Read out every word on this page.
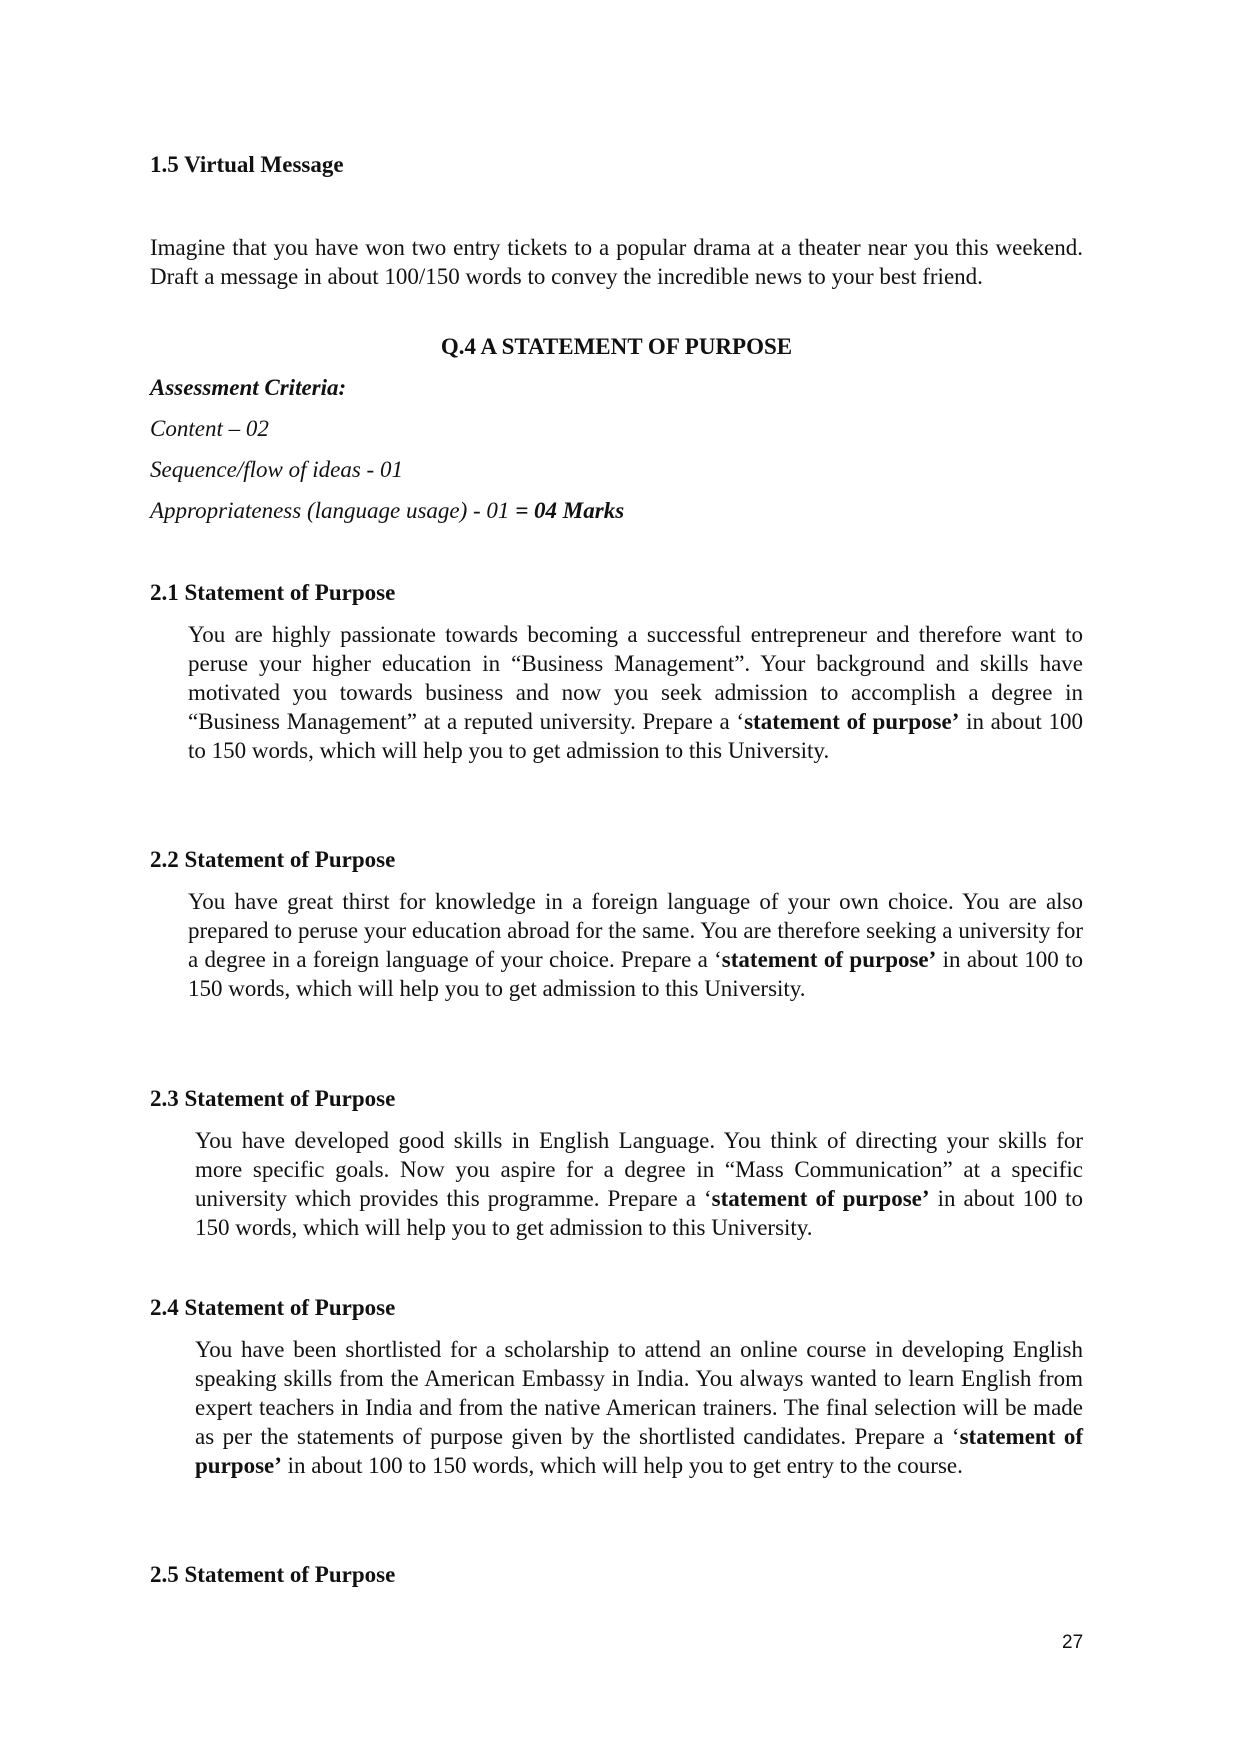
1.5 Virtual Message

Imagine that you have won two entry tickets to a popular drama at a theater near you this weekend. Draft a message in about 100/150 words to convey the incredible news to your best friend.

Q.4 A STATEMENT OF PURPOSE
Assessment Criteria:
Content – 02
Sequence/flow of ideas - 01
Appropriateness (language usage) - 01 = 04 Marks
2.1 Statement of Purpose

You are highly passionate towards becoming a successful entrepreneur and therefore want to peruse your higher education in “Business Management”. Your background and skills have motivated you towards business and now you seek admission to accomplish a degree in “Business Management” at a reputed university. Prepare a ‘statement of purpose’ in about 100 to 150 words, which will help you to get admission to this University.

2.2 Statement of Purpose

You have great thirst for knowledge in a foreign language of your own choice. You are also prepared to peruse your education abroad for the same. You are therefore seeking a university for a degree in a foreign language of your choice. Prepare a ‘statement of purpose’ in about 100 to 150 words, which will help you to get admission to this University.

2.3 Statement of Purpose

You have developed good skills in English Language. You think of directing your skills for more specific goals. Now you aspire for a degree in “Mass Communication” at a specific university which provides this programme. Prepare a ‘statement of purpose’ in about 100 to 150 words, which will help you to get admission to this University.

2.4 Statement of Purpose

You have been shortlisted for a scholarship to attend an online course in developing English speaking skills from the American Embassy in India. You always wanted to learn English from expert teachers in India and from the native American trainers. The final selection will be made as per the statements of purpose given by the shortlisted candidates. Prepare a ‘statement of purpose’ in about 100 to 150 words, which will help you to get entry to the course.

2.5 Statement of Purpose
27
